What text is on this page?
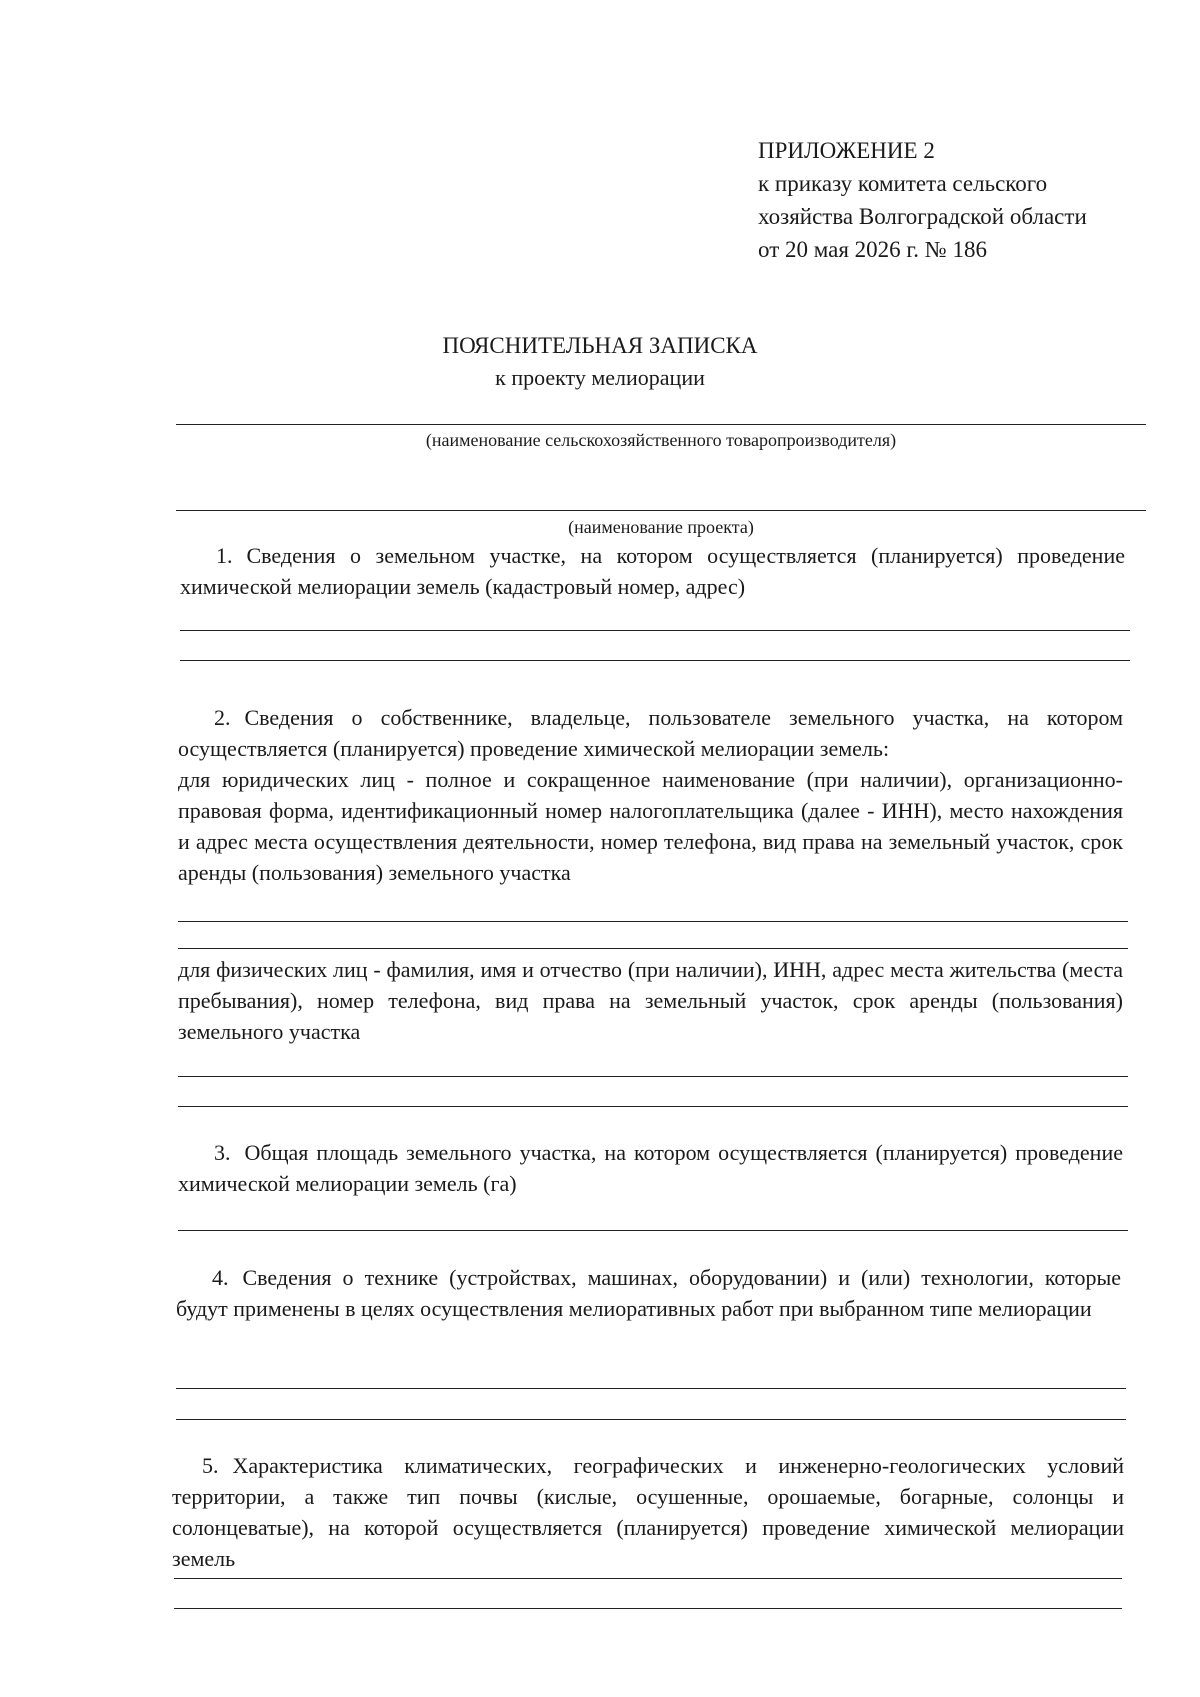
ПРИЛОЖЕНИЕ 2
к приказу комитета сельского
хозяйства Волгоградской области
от 20 мая 2026 г. № 186
ПОЯСНИТЕЛЬНАЯ ЗАПИСКА
к проекту мелиорации
(наименование сельскохозяйственного товаропроизводителя)
(наименование проекта)

1. Сведения о земельном участке, на котором осуществляется (планируется) проведение химической мелиорации земель (кадастровый номер, адрес)

2. Сведения о собственнике, владельце, пользователе земельного участка, на котором осуществляется (планируется) проведение химической мелиорации земель:

для юридических лиц - полное и сокращенное наименование (при наличии), организационно-правовая форма, идентификационный номер налогоплательщика (далее - ИНН), место нахождения и адрес места осуществления деятельности, номер телефона, вид права на земельный участок, срок аренды (пользования) земельного участка

для физических лиц - фамилия, имя и отчество (при наличии), ИНН, адрес места жительства (места пребывания), номер телефона, вид права на земельный участок, срок аренды (пользования) земельного участка

3. Общая площадь земельного участка, на котором осуществляется (планируется) проведение химической мелиорации земель (га)

4. Сведения о технике (устройствах, машинах, оборудовании) и (или) технологии, которые будут применены в целях осуществления мелиоративных работ при выбранном типе мелиорации

5. Характеристика климатических, географических и инженерно-геологических условий территории, а также тип почвы (кислые, осушенные, орошаемые, богарные, солонцы и солонцеватые), на которой осуществляется (планируется) проведение химической мелиорации земель
